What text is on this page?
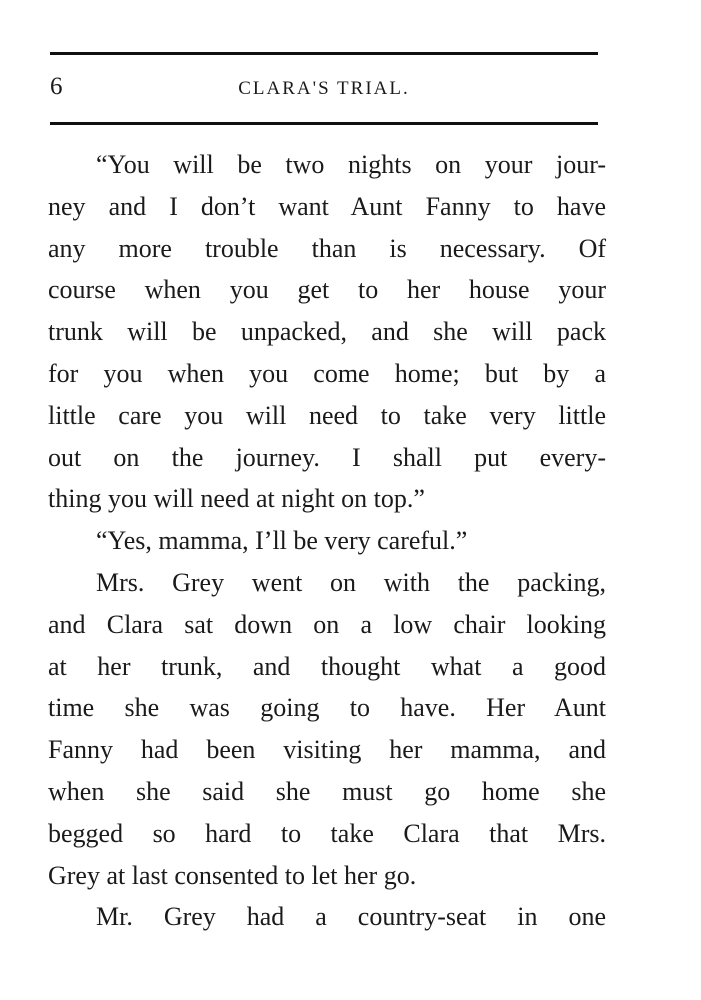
6	CLARA'S TRIAL.
“You will be two nights on your jour-
ney and I don’t want Aunt Fanny to have
any more trouble than is necessary. Of
course when you get to her house your
trunk will be unpacked, and she will pack
for you when you come home; but by a
little care you will need to take very little
out on the journey. I shall put every-
thing you will need at night on top.”
“Yes, mamma, I’ll be very careful.”
Mrs. Grey went on with the packing,
and Clara sat down on a low chair looking
at her trunk, and thought what a good
time she was going to have. Her Aunt
Fanny had been visiting her mamma, and
when she said she must go home she
begged so hard to take Clara that Mrs.
Grey at last consented to let her go.
Mr. Grey had a country-seat in one
